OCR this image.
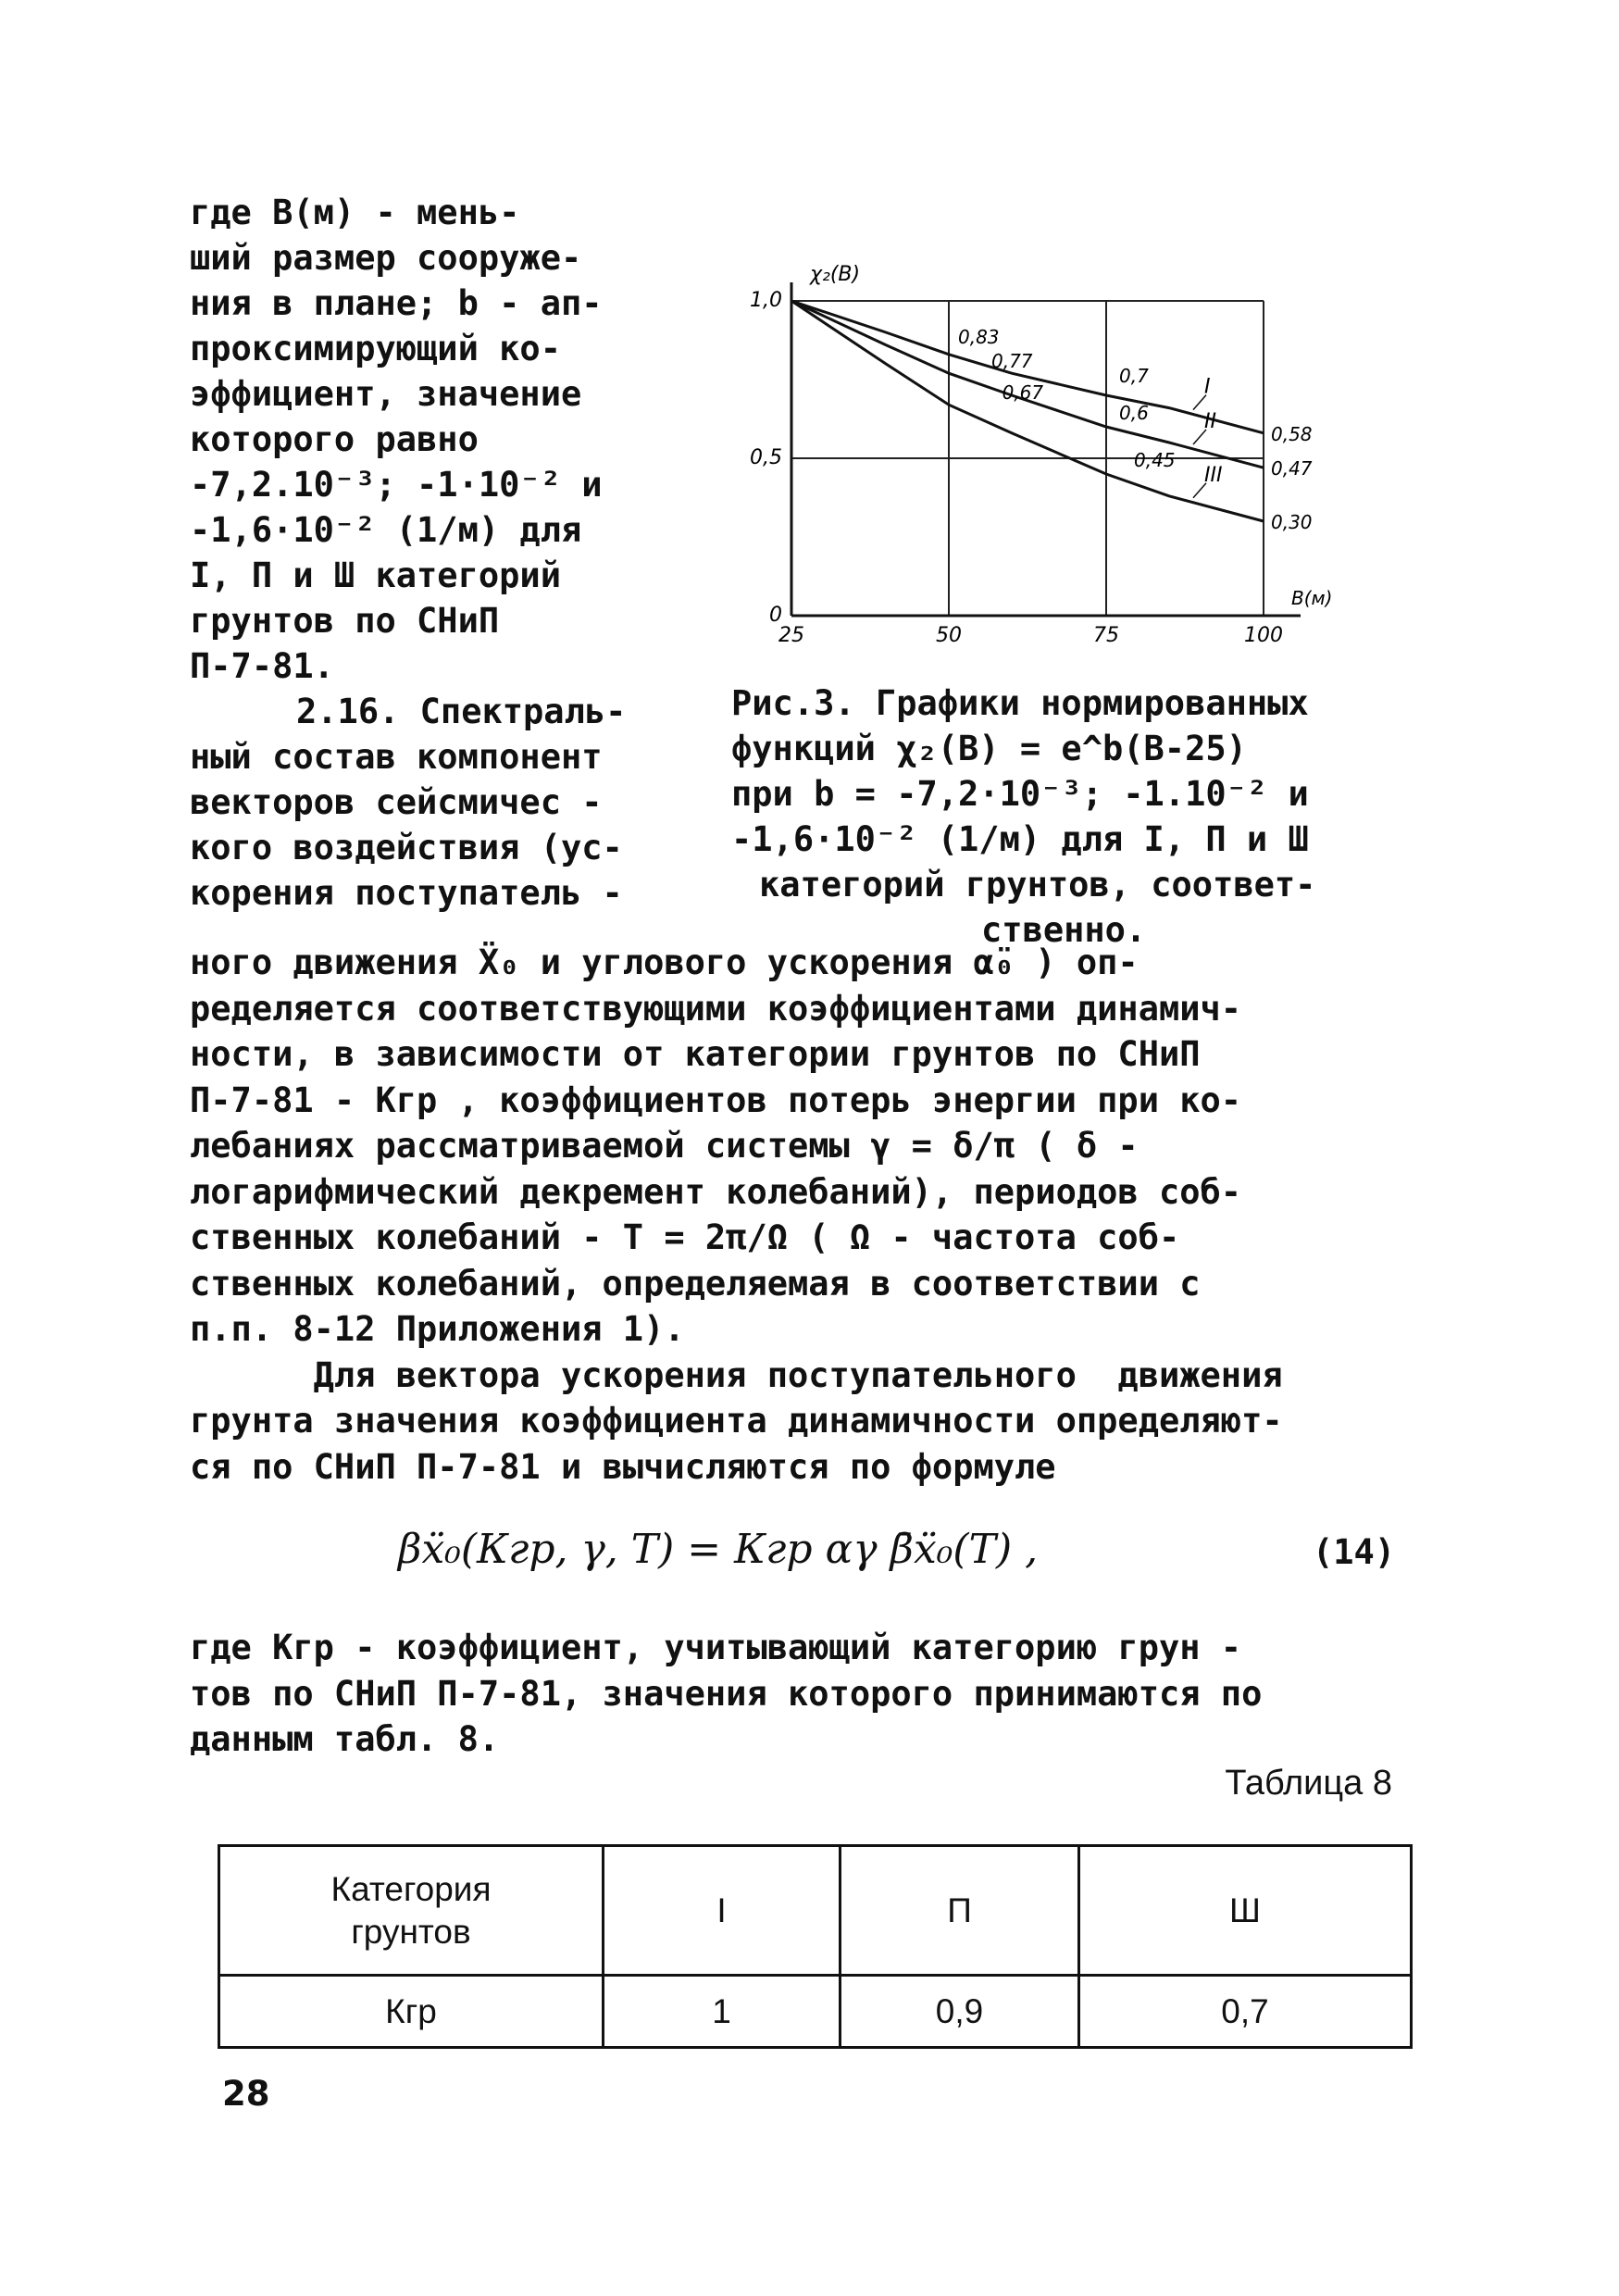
где В(м) - мень-
ший размер сооруже-
ния в плане; b - ап-
проксимирующий ко-
эффициент, значение
которого равно
-7,2.10⁻³; -1·10⁻² и
-1,6·10⁻² (1/м) для
I, П и Ш категорий
грунтов по СНиП
П-7-81.
2.16. Спектраль-
ный состав компонент
векторов сейсмичес -
кого воздействия (ус-
корения поступатель -
25	50	75	100
0
0,5
1,0
χ₂(B)
B(м)
I
II
III
0,83
0,77
0,67
0,7
0,6
0,45
0,58
0,47
0,30
Рис.3. Графики нормированных
функций χ₂(В) = e^b(B-25)
при b = -7,2·10⁻³; -1.10⁻² и
-1,6·10⁻² (1/м) для I, П и Ш
категорий грунтов, соответ-
ственно.
ного движения Ẍ₀ и углового ускорения α̈₀ ) оп-
ределяется соответствующими коэффициентами динамич-
ности, в зависимости от категории грунтов по СНиП
П-7-81 - Кгр , коэффициентов потерь энергии при ко-
лебаниях рассматриваемой системы γ = δ/π ( δ -
логарифмический декремент колебаний), периодов соб-
ственных колебаний - T = 2π/Ω ( Ω - частота соб-
ственных колебаний, определяемая в соответствии с
п.п. 8-12 Приложения 1).
Для вектора ускорения поступательного  движения
грунта значения коэффициента динамичности определяют-
ся по СНиП П-7-81 и вычисляются по формуле
βẍ₀(Кгр, γ, T) = Кгр αγ β̄ẍ₀(T) ,	(14)
где Кгр - коэффициент, учитывающий категорию грун -
тов по СНиП П-7-81, значения которого принимаются по
данным табл. 8.
Таблица 8
Категория
грунтов	I	П	Ш
Кгр	1	0,9	0,7
28
